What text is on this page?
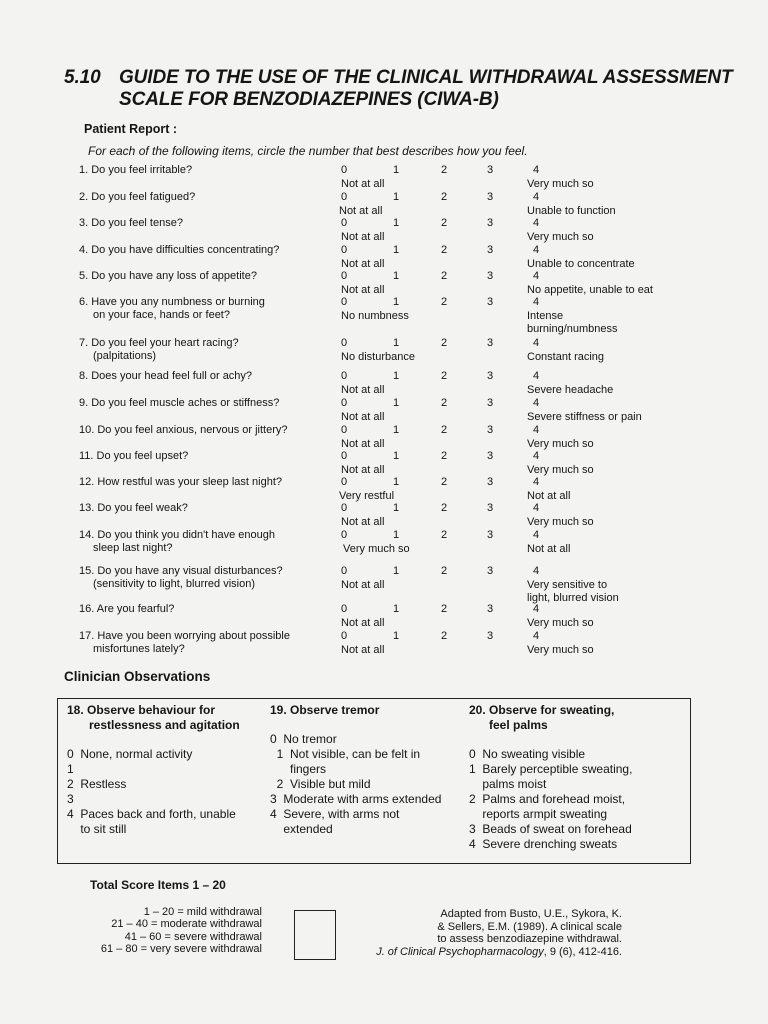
5.10 GUIDE TO THE USE OF THE CLINICAL WITHDRAWAL ASSESSMENT
SCALE FOR BENZODIAZEPINES (CIWA-B)
Patient Report :
For each of the following items, circle the number that best describes how you feel.
1. Do you feel irritable?	0	1	2	3	4
Not at all	Very much so
2. Do you feel fatigued?	0	1	2	3	4
Not at all	Unable to function
3. Do you feel tense?	0	1	2	3	4
Not at all	Very much so
4. Do you have difficulties concentrating?	0	1	2	3	4
Not at all	Unable to concentrate
5. Do you have any loss of appetite?	0	1	2	3	4
Not at all	No appetite, unable to eat
6. Have you any numbness or burning
on your face, hands or feet?
0	1	2	3	4
No numbness	Intense
burning/numbness
7. Do you feel your heart racing?
(palpitations)
0	1	2	3	4
No disturbance	Constant racing
8. Does your head feel full or achy?	0	1	2	3	4
Not at all	Severe headache
9. Do you feel muscle aches or stiffness?	0	1	2	3	4
Not at all	Severe stiffness or pain
10. Do you feel anxious, nervous or jittery?	0	1	2	3	4
Not at all	Very much so
11. Do you feel upset?	0	1	2	3	4
Not at all	Very much so
12. How restful was your sleep last night?	0	1	2	3	4
Very restful	Not at all
13. Do you feel weak?	0	1	2	3	4
Not at all	Very much so
14. Do you think you didn't have enough
sleep last night?
0	1	2	3	4
Very much so	Not at all
15. Do you have any visual disturbances?
(sensitivity to light, blurred vision)
0	1	2	3	4
Not at all	Very sensitive to
light, blurred vision
16. Are you fearful?	0	1	2	3	4
Not at all	Very much so
17. Have you been worrying about possible
misfortunes lately?
0	1	2	3	4
Not at all	Very much so
Clinician Observations
18. Observe behaviour for
restlessness and agitation
0  None, normal activity
1
2  Restless
3
4  Paces back and forth, unable
to sit still
19. Observe tremor
0  No tremor
1  Not visible, can be felt in
fingers
2  Visible but mild
3  Moderate with arms extended
4  Severe, with arms not
extended
20. Observe for sweating,
feel palms
0  No sweating visible
1  Barely perceptible sweating,
palms moist
2  Palms and forehead moist,
reports armpit sweating
3  Beads of sweat on forehead
4  Severe drenching sweats
Total Score Items 1 – 20
1 – 20 = mild withdrawal
21 – 40 = moderate withdrawal
41 – 60 = severe withdrawal
61 – 80 = very severe withdrawal
Adapted from Busto, U.E., Sykora, K.
& Sellers, E.M. (1989). A clinical scale
to assess benzodiazepine withdrawal.
J. of Clinical Psychopharmacology, 9 (6), 412-416.
